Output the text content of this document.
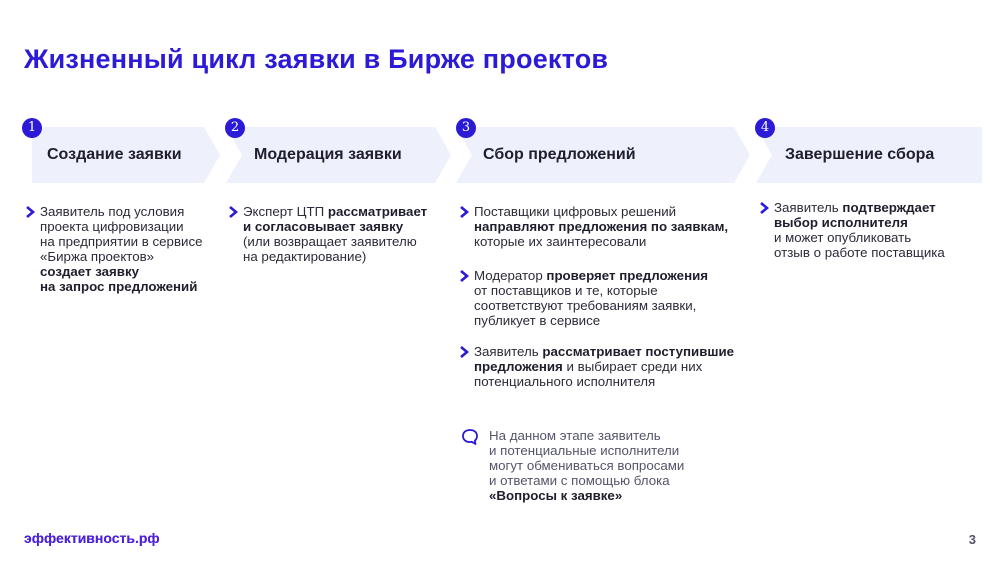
Жизненный цикл заявки в Бирже проектов
Создание заявки	Модерация заявки	Сбор предложений	Завершение сбора
1	2	3	4
Заявитель под условия
проекта цифровизации
на предприятии в сервисе
«Биржа проектов»
создает заявку
на запрос предложений
Эксперт ЦТП рассматривает
и согласовывает заявку
(или возвращает заявителю
на редактирование)
Поставщики цифровых решений
направляют предложения по заявкам,
которые их заинтересовали
Модератор проверяет предложения
от поставщиков и те, которые
соответствуют требованиям заявки,
публикует в сервисе
Заявитель рассматривает поступившие
предложения и выбирает среди них
потенциального исполнителя
На данном этапе заявитель
и потенциальные исполнители
могут обмениваться вопросами
и ответами с помощью блока
«Вопросы к заявке»
Заявитель подтверждает
выбор исполнителя
и может опубликовать
отзыв о работе поставщика
эффективность.рф	3
